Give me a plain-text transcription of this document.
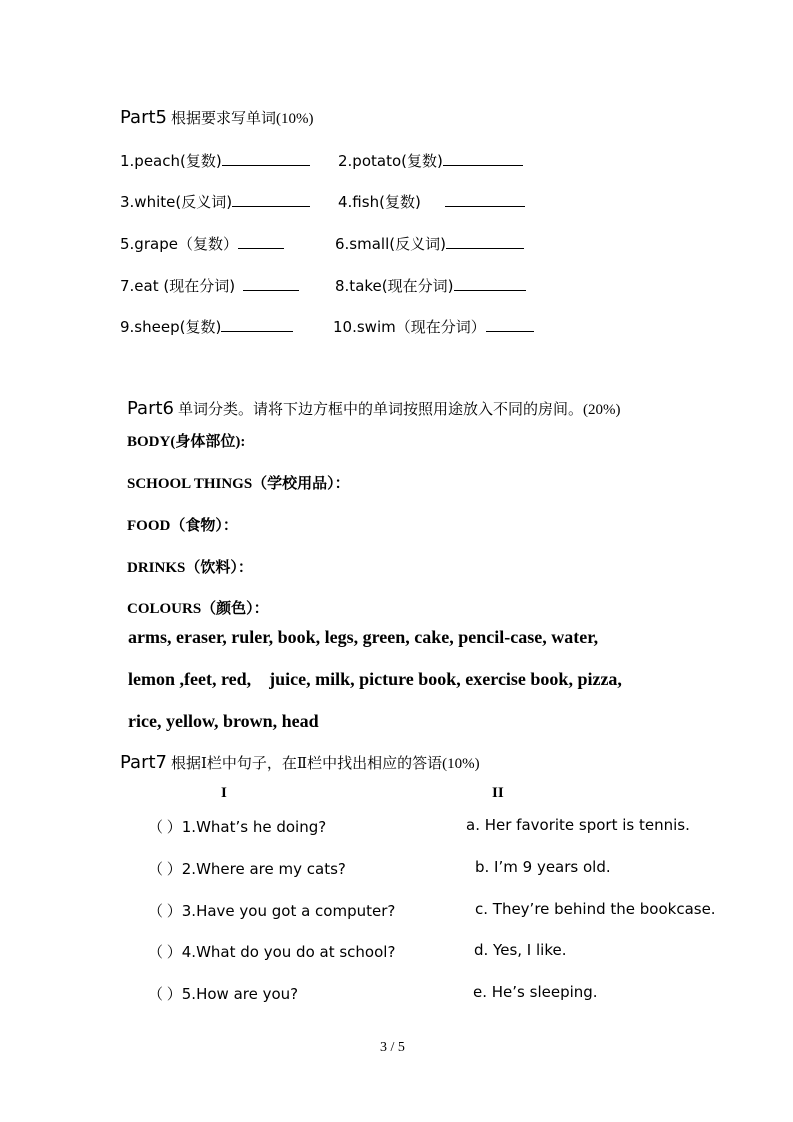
Part5 根据要求写单词(10%)
1.peach(复数)	2.potato(复数)
3.white(反义词)	4.fish(复数)
5.grape（复数）	6.small(反义词)
7.eat (现在分词)	8.take(现在分词)
9.sheep(复数)	10.swim（现在分词）
Part6 单词分类。请将下边方框中的单词按照用途放入不同的房间。(20%)
BODY(身体部位):
SCHOOL THINGS（学校用品）：
FOOD（食物）：
DRINKS（饮料）：
COLOURS（颜色）：
arms, eraser, ruler, book, legs, green, cake, pencil-case, water,
lemon ,feet, red,    juice, milk, picture book, exercise book, pizza,
rice, yellow, brown, head
Part7 根据Ⅰ栏中句子，在Ⅱ栏中找出相应的答语(10%)
I	II
（ ）1.What’s he doing?	a. Her favorite sport is tennis.
（ ）2.Where are my cats?	b. I’m 9 years old.
（ ）3.Have you got a computer?	c. They’re behind the bookcase.
（ ）4.What do you do at school?	d. Yes, I like.
（ ）5.How are you?	e. He’s sleeping.
3 / 5
